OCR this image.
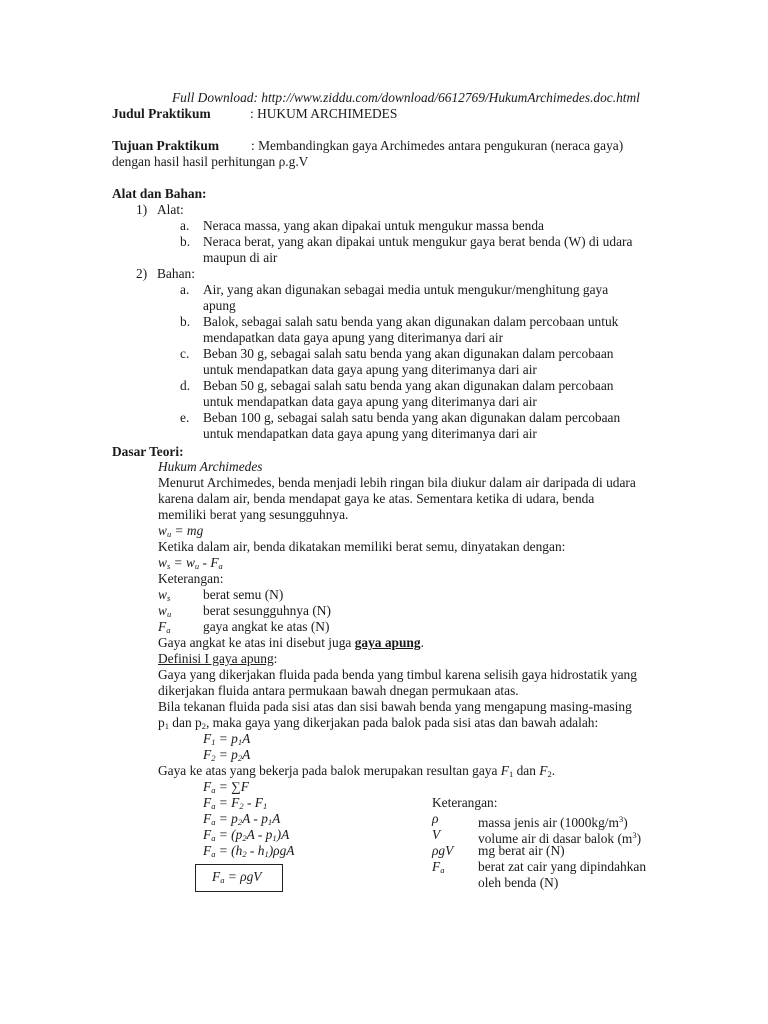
Full Download: http://www.ziddu.com/download/6612769/HukumArchimedes.doc.html
Judul Praktikum	: HUKUM ARCHIMEDES
Tujuan Praktikum : Membandingkan gaya Archimedes antara pengukuran (neraca gaya)
dengan hasil hasil perhitungan ρ.g.V
Alat dan Bahan:
1) Alat:
a. Neraca massa, yang akan dipakai untuk mengukur massa benda
b. Neraca berat, yang akan dipakai untuk mengukur gaya berat benda (W) di udara
maupun di air
2) Bahan:
a. Air, yang akan digunakan sebagai media untuk mengukur/menghitung gaya
apung
b. Balok, sebagai salah satu benda yang akan digunakan dalam percobaan untuk
mendapatkan data gaya apung yang diterimanya dari air
c. Beban 30 g, sebagai salah satu benda yang akan digunakan dalam percobaan
untuk mendapatkan data gaya apung yang diterimanya dari air
d. Beban 50 g, sebagai salah satu benda yang akan digunakan dalam percobaan
untuk mendapatkan data gaya apung yang diterimanya dari air
e. Beban 100 g, sebagai salah satu benda yang akan digunakan dalam percobaan
untuk mendapatkan data gaya apung yang diterimanya dari air
Dasar Teori:
Hukum Archimedes
Menurut Archimedes, benda menjadi lebih ringan bila diukur dalam air daripada di udara
karena dalam air, benda mendapat gaya ke atas. Sementara ketika di udara, benda
memiliki berat yang sesungguhnya.
$w_u$ = mg
Ketika dalam air, benda dikatakan memiliki berat semu, dinyatakan dengan:
$w_s = w_u - F_a$
Keterangan:
$w_s$ berat semu (N)
$w_u$ berat sesungguhnya (N)
$F_a$ gaya angkat ke atas (N)
Gaya angkat ke atas ini disebut juga gaya apung.
Definisi I gaya apung:
Gaya yang dikerjakan fluida pada benda yang timbul karena selisih gaya hidrostatik yang
dikerjakan fluida antara permukaan bawah dnegan permukaan atas.
Bila tekanan fluida pada sisi atas dan sisi bawah benda yang mengapung masing-masing
$p_1$ dan $p_2$, maka gaya yang dikerjakan pada balok pada sisi atas dan bawah adalah:
$F_1 = p_1A$
$F_2 = p_2A$
Gaya ke atas yang bekerja pada balok merupakan resultan gaya $F_1$ dan $F_2$.
$F_a = \sum F$
$F_a = F_2 - F_1$
$F_a = p_2A - p_1A$
$F_a = (p_2A - p_1)A$
$F_a = (h_2 - h_1)\rho gA$
$F_a = \rho gV$
Keterangan:
ρ	massa jenis air $(1000kg/m^3)$
V	volume air di dasar balok $(m^3)$
ρgV mg berat air (N)
$F_a$	berat zat cair yang dipindahkan
oleh benda (N)
